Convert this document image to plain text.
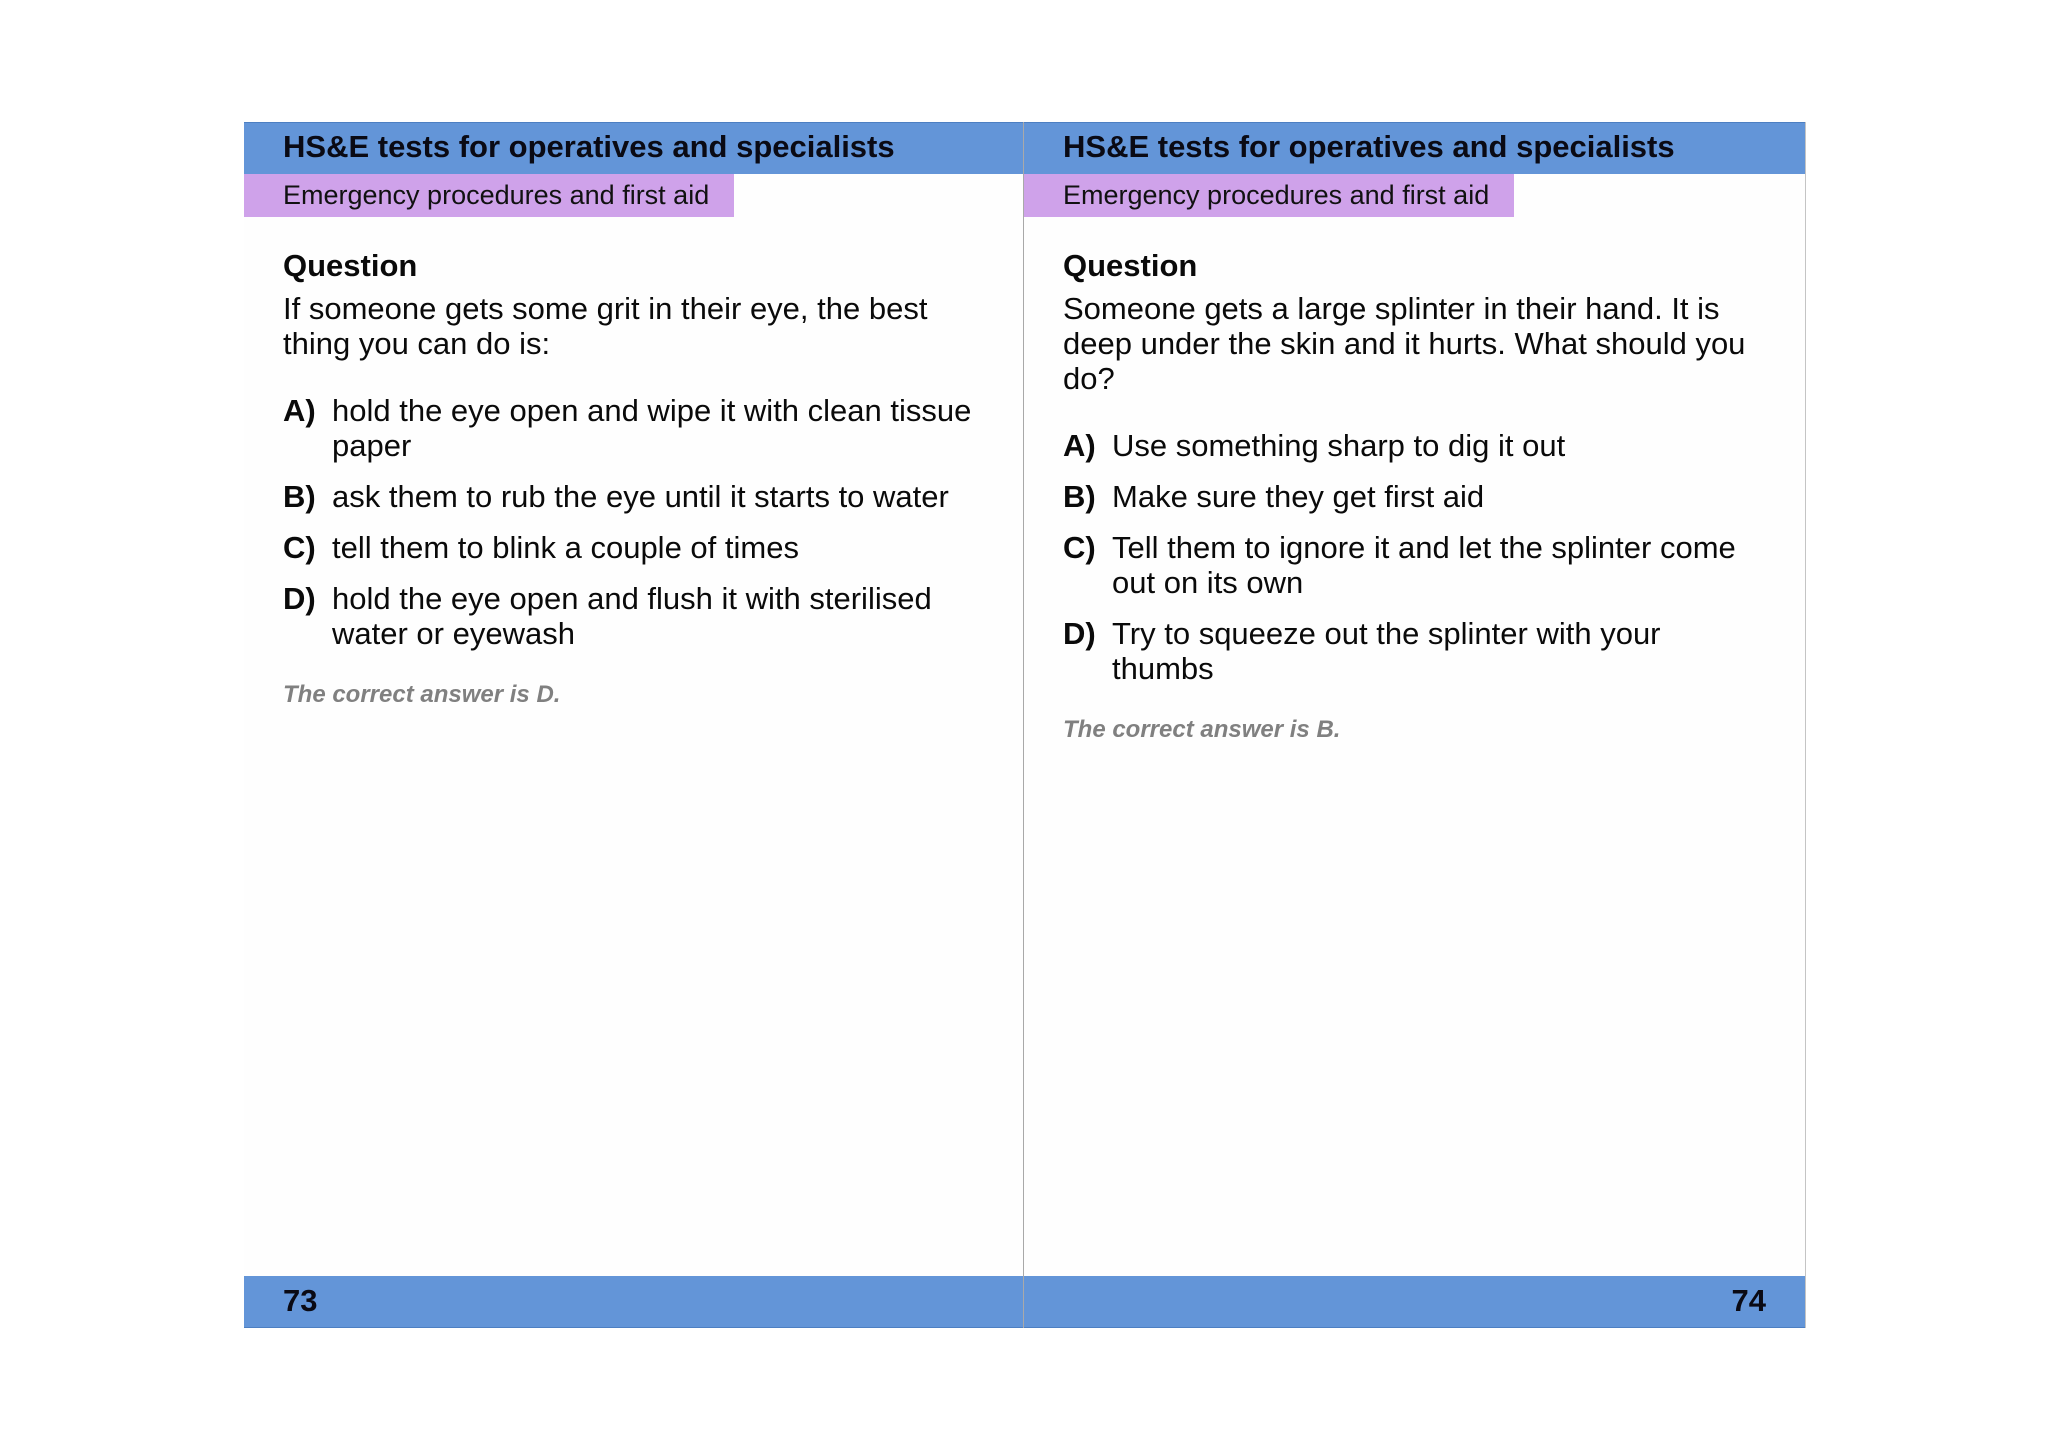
HS&E tests for operatives and specialists
Emergency procedures and first aid
Question
If someone gets some grit in their eye, the best thing you can do is:
A) hold the eye open and wipe it with clean tissue paper
B) ask them to rub the eye until it starts to water
C) tell them to blink a couple of times
D) hold the eye open and flush it with sterilised water or eyewash
The correct answer is D.
73
HS&E tests for operatives and specialists
Emergency procedures and first aid
Question
Someone gets a large splinter in their hand. It is deep under the skin and it hurts. What should you do?
A) Use something sharp to dig it out
B) Make sure they get first aid
C) Tell them to ignore it and let the splinter come out on its own
D) Try to squeeze out the splinter with your thumbs
The correct answer is B.
74
